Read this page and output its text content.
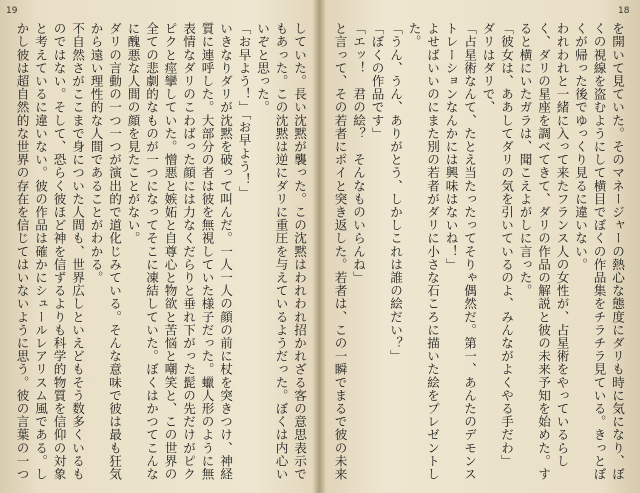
19	18

を開いて見ていた。そのマネージャーの熱心な態度にダリも時に気になり、ぼくの視線を盗むようにして横目でぼくの作品集をチラチラ見ている。きっとぼくが帰った後でゆっくり見るに違いない。
われわれと一緒に入って来たフランス人の女性が、占星術をやっているらしく、ダリの星座を調べてきて、ダリの作品の解説と彼の未来予知を始めた。すると横にいたガラは、聞こえよがしに言った。
「彼女は、ああしてダリの気を引いているのよ、みんながよくやる手だわ」
ダリはダリで、
「占星術なんて、たとえ当たったってそりゃ偶然だ。第一、あんたのデモンストレーションなんかには興味はないね！」
よせばいいのにまた別の若者がダリに小さな石ころに描いた絵をプレゼントした。
「うん、うん、ありがとう、しかしこれは誰の絵だい？」
「ぼくの作品です」
「エッ！　君の絵？　そんなものいらんね」
と言って、その若者にポイと突き返した。若者は、この一瞬でまるで彼の未来

していた。長い沈黙が襲った。この沈黙はわれわれ招かれざる客の意思表示でもあった。この沈黙は逆にダリに重圧を与えているようだった。ぼくは内心いいぞと思った。
「お早よう！」「お早よう！」
いきなりダリが沈黙を破って叫んだ。一人一人の顔の前に杖を突きつけ、神経質に連呼した。大部分の者は彼を無視していた様子だった。蠟人形のように無表情なダリのこわばった顔には力なくだらりと垂れ下がった髭の先だけがピクピクと痙攣していた。憎悪と嫉妬と自尊心と物欲と苦悩と嘲笑と、この世界の全ての悲劇的なものが一つになってそこに凍結していた。ぼくはかつてこんなに醜悪な人間の顔を見たことがない。
ダリの言動の一つ一つが演出的で道化じみている。そんな意味で彼は最も狂気から遠い理性的な人間であることがわかる。
不自然さがここまで身についた人間も、世界広しといえどもそう数多くいるものではない。そして、恐らく彼ほど神を信ずるよりも科学的物質を信仰の対象と考えているに違いない。彼の作品は確かにシュールレアリスム風である。しかし彼は超自然的な世界の存在を信じてはいないように思う。彼の言葉の一つ
